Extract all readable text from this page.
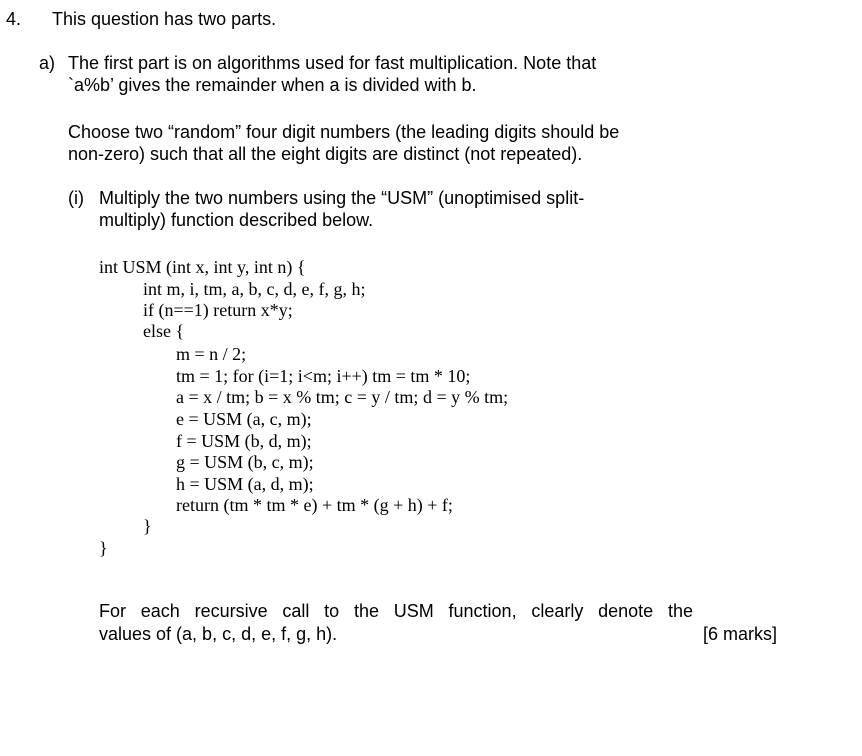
4. This question has two parts.
a) The first part is on algorithms used for fast multiplication. Note that
`a%b’ gives the remainder when a is divided with b.
Choose two “random” four digit numbers (the leading digits should be
non-zero) such that all the eight digits are distinct (not repeated).
(i) Multiply the two numbers using the “USM” (unoptimised split-
multiply) function described below.
int USM (int x, int y, int n) {
int m, i, tm, a, b, c, d, e, f, g, h;
if (n==1) return x*y;
else {
m = n / 2;
tm = 1; for (i=1; i<m; i++) tm = tm * 10;
a = x / tm; b = x % tm; c = y / tm; d = y % tm;
e = USM (a, c, m);
f = USM (b, d, m);
g = USM (b, c, m);
h = USM (a, d, m);
return (tm * tm * e) + tm * (g + h) + f;
}
}
For each recursive call to the USM function, clearly denote the
values of (a, b, c, d, e, f, g, h).	[6 marks]
